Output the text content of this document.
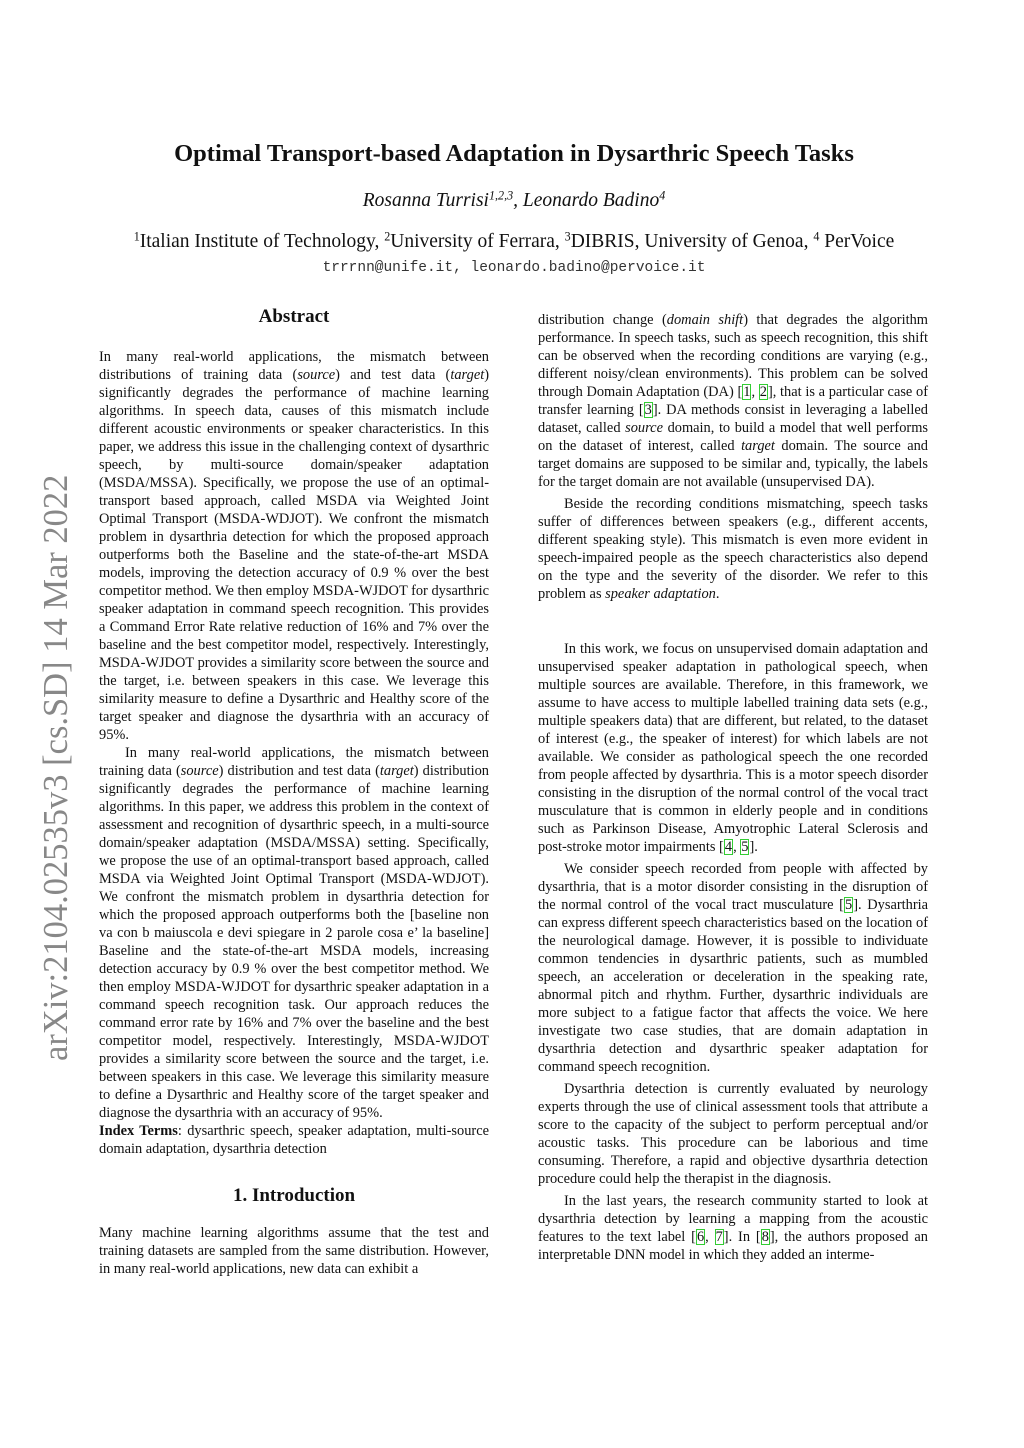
arXiv:2104.02535v3 [cs.SD] 14 Mar 2022
Optimal Transport-based Adaptation in Dysarthric Speech Tasks
Rosanna Turrisi$^{1,2,3}$, Leonardo Badino$^4$
$^1$Italian Institute of Technology, $^2$University of Ferrara, $^3$DIBRIS, University of Genoa, $^4$ PerVoice
trrrnn@unife.it, leonardo.badino@pervoice.it
Abstract

In many real-world applications, the mismatch between distributions of training data (source) and test data (target) significantly degrades the performance of machine learning algorithms. In speech data, causes of this mismatch include different acoustic environments or speaker characteristics. In this paper, we address this issue in the challenging context of dysarthric speech, by multi-source domain/speaker adaptation (MSDA/MSSA). Specifically, we propose the use of an optimal-transport based approach, called MSDA via Weighted Joint Optimal Transport (MSDA-WDJOT). We confront the mismatch problem in dysarthria detection for which the proposed approach outperforms both the Baseline and the state-of-the-art MSDA models, improving the detection accuracy of 0.9 % over the best competitor method. We then employ MSDA-WJDOT for dysarthric speaker adaptation in command speech recognition. This provides a Command Error Rate relative reduction of 16% and 7% over the baseline and the best competitor model, respectively. Interestingly, MSDA-WJDOT provides a similarity score between the source and the target, i.e. between speakers in this case. We leverage this similarity measure to define a Dysarthric and Healthy score of the target speaker and diagnose the dysarthria with an accuracy of 95%.

In many real-world applications, the mismatch between training data (source) distribution and test data (target) distribution significantly degrades the performance of machine learning algorithms. In this paper, we address this problem in the context of assessment and recognition of dysarthric speech, in a multi-source domain/speaker adaptation (MSDA/MSSA) setting. Specifically, we propose the use of an optimal-transport based approach, called MSDA via Weighted Joint Optimal Transport (MSDA-WDJOT). We confront the mismatch problem in dysarthria detection for which the proposed approach outperforms both the [baseline non va con b maiuscola e devi spiegare in 2 parole cosa e’ la baseline] Baseline and the state-of-the-art MSDA models, increasing detection accuracy by 0.9 % over the best competitor method. We then employ MSDA-WJDOT for dysarthric speaker adaptation in a command speech recognition task. Our approach reduces the command error rate by 16% and 7% over the baseline and the best competitor model, respectively. Interestingly, MSDA-WJDOT provides a similarity score between the source and the target, i.e. between speakers in this case. We leverage this similarity measure to define a Dysarthric and Healthy score of the target speaker and diagnose the dysarthria with an accuracy of 95%.

Index Terms: dysarthric speech, speaker adaptation, multi-source domain adaptation, dysarthria detection

1. Introduction

Many machine learning algorithms assume that the test and training datasets are sampled from the same distribution. However, in many real-world applications, new data can exhibit a

distribution change (domain shift) that degrades the algorithm performance. In speech tasks, such as speech recognition, this shift can be observed when the recording conditions are varying (e.g., different noisy/clean environments). This problem can be solved through Domain Adaptation (DA) [1, 2], that is a particular case of transfer learning [3]. DA methods consist in leveraging a labelled dataset, called source domain, to build a model that well performs on the dataset of interest, called target domain. The source and target domains are supposed to be similar and, typically, the labels for the target domain are not available (unsupervised DA).

Beside the recording conditions mismatching, speech tasks suffer of differences between speakers (e.g., different accents, different speaking style). This mismatch is even more evident in speech-impaired people as the speech characteristics also depend on the type and the severity of the disorder. We refer to this problem as speaker adaptation.

In this work, we focus on unsupervised domain adaptation and unsupervised speaker adaptation in pathological speech, when multiple sources are available. Therefore, in this framework, we assume to have access to multiple labelled training data sets (e.g., multiple speakers data) that are different, but related, to the dataset of interest (e.g., the speaker of interest) for which labels are not available. We consider as pathological speech the one recorded from people affected by dysarthria. This is a motor speech disorder consisting in the disruption of the normal control of the vocal tract musculature that is common in elderly people and in conditions such as Parkinson Disease, Amyotrophic Lateral Sclerosis and post-stroke motor impairments [4, 5].

We consider speech recorded from people with affected by dysarthria, that is a motor disorder consisting in the disruption of the normal control of the vocal tract musculature [5]. Dysarthria can express different speech characteristics based on the location of the neurological damage. However, it is possible to individuate common tendencies in dysarthric patients, such as mumbled speech, an acceleration or deceleration in the speaking rate, abnormal pitch and rhythm. Further, dysarthric individuals are more subject to a fatigue factor that affects the voice. We here investigate two case studies, that are domain adaptation in dysarthria detection and dysarthric speaker adaptation for command speech recognition.

Dysarthria detection is currently evaluated by neurology experts through the use of clinical assessment tools that attribute a score to the capacity of the subject to perform perceptual and/or acoustic tasks. This procedure can be laborious and time consuming. Therefore, a rapid and objective dysarthria detection procedure could help the therapist in the diagnosis.

In the last years, the research community started to look at dysarthria detection by learning a mapping from the acoustic features to the text label [6, 7]. In [8], the authors proposed an interpretable DNN model in which they added an interme-
